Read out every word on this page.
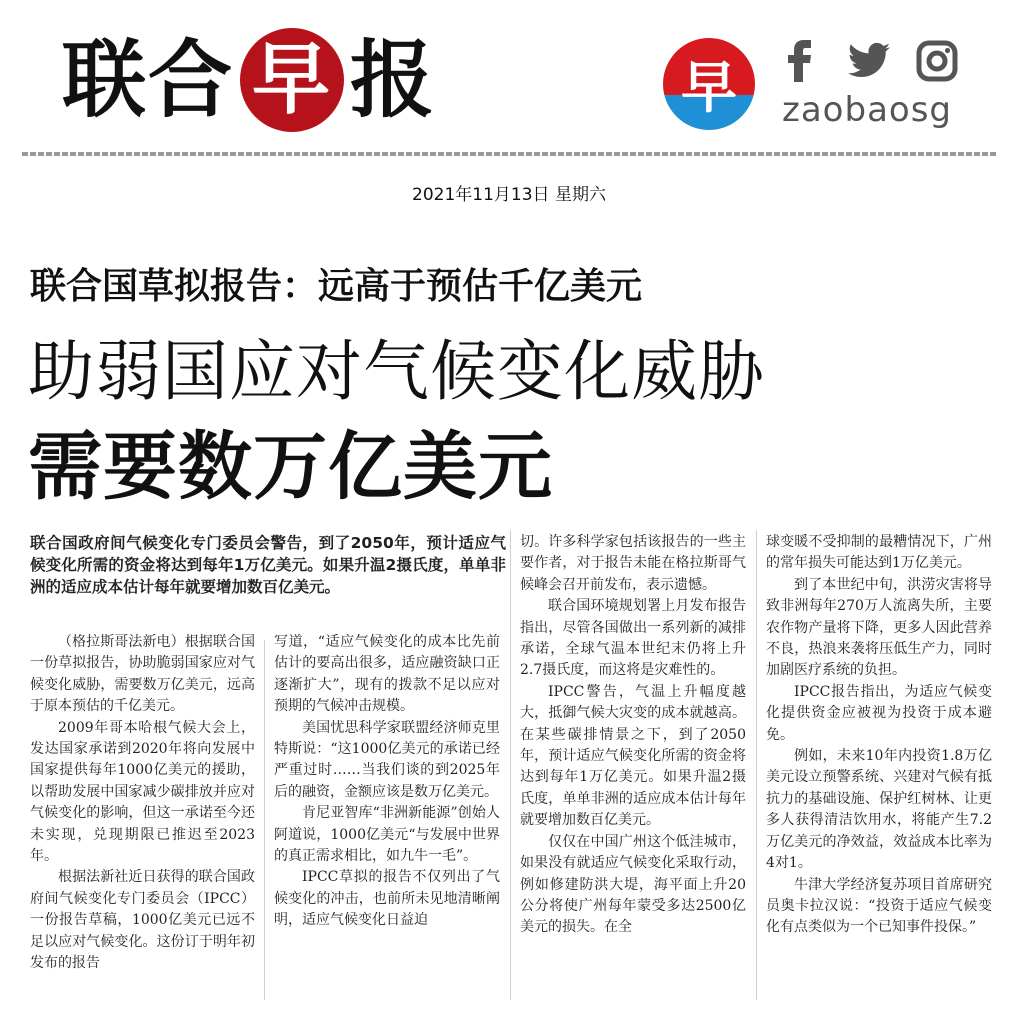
联 合 早 报	早	zaobaosg
2021年11月13日 星期六
联合国草拟报告：远高于预估千亿美元
助弱国应对气候变化威胁
需要数万亿美元
联合国政府间气候变化专门委员会警告，到了2050年，预计适应气候变化所需的资金将达到每年1万亿美元。如果升温2摄氏度，单单非洲的适应成本估计每年就要增加数百亿美元。

（格拉斯哥法新电）根据联合国一份草拟报告，协助脆弱国家应对气候变化威胁，需要数万亿美元，远高于原本预估的千亿美元。

2009年哥本哈根气候大会上，发达国家承诺到2020年将向发展中国家提供每年1000亿美元的援助，以帮助发展中国家减少碳排放并应对气候变化的影响，但这一承诺至今还未实现，兑现期限已推迟至2023年。

根据法新社近日获得的联合国政府间气候变化专门委员会（IPCC）一份报告草稿，1000亿美元已远不足以应对气候变化。这份订于明年初发布的报告

写道，“适应气候变化的成本比先前估计的要高出很多，适应融资缺口正逐渐扩大”，现有的拨款不足以应对预期的气候冲击规模。

美国忧思科学家联盟经济师克里特斯说：“这1000亿美元的承诺已经严重过时……当我们谈的到2025年后的融资，金额应该是数万亿美元。

肯尼亚智库“非洲新能源”创始人阿道说，1000亿美元“与发展中世界的真正需求相比，如九牛一毛”。

IPCC草拟的报告不仅列出了气候变化的冲击，也前所未见地清晰阐明，适应气候变化日益迫

切。许多科学家包括该报告的一些主要作者，对于报告未能在格拉斯哥气候峰会召开前发布，表示遗憾。

联合国环境规划署上月发布报告指出，尽管各国做出一系列新的减排承诺，全球气温本世纪末仍将上升2.7摄氏度，而这将是灾难性的。

IPCC警告，气温上升幅度越大，抵御气候大灾变的成本就越高。在某些碳排情景之下，到了2050年，预计适应气候变化所需的资金将达到每年1万亿美元。如果升温2摄氏度，单单非洲的适应成本估计每年就要增加数百亿美元。

仅仅在中国广州这个低洼城市，如果没有就适应气候变化采取行动，例如修建防洪大堤，海平面上升20公分将使广州每年蒙受多达2500亿美元的损失。在全

球变暖不受抑制的最糟情况下，广州的常年损失可能达到1万亿美元。

到了本世纪中旬，洪涝灾害将导致非洲每年270万人流离失所，主要农作物产量将下降，更多人因此营养不良，热浪来袭将压低生产力，同时加剧医疗系统的负担。

IPCC报告指出，为适应气候变化提供资金应被视为投资于成本避免。

例如，未来10年内投资1.8万亿美元设立预警系统、兴建对气候有抵抗力的基础设施、保护红树林、让更多人获得清洁饮用水，将能产生7.2万亿美元的净效益，效益成本比率为4对1。

牛津大学经济复苏项目首席研究员奥卡拉汉说：“投资于适应气候变化有点类似为一个已知事件投保。”
